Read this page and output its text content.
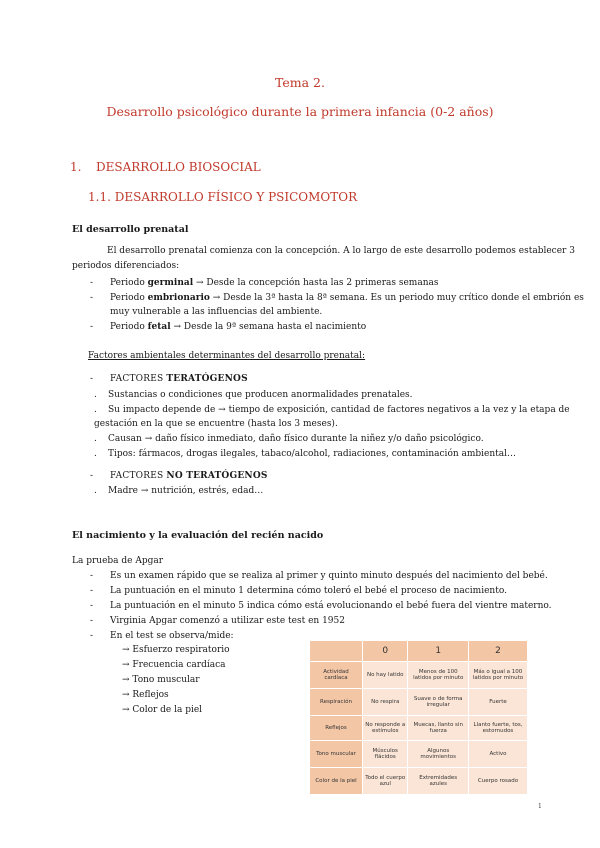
Tema 2.
Desarrollo psicológico durante la primera infancia (0-2 años)
1. DESARROLLO BIOSOCIAL
1.1. DESARROLLO FÍSICO Y PSICOMOTOR
El desarrollo prenatal
El desarrollo prenatal comienza con la concepción. A lo largo de este desarrollo podemos establecer 3
periodos diferenciados:
- Periodo germinal → Desde la concepción hasta las 2 primeras semanas
- Periodo embrionario → Desde la 3ª hasta la 8ª semana. Es un periodo muy crítico donde el embrión es
muy vulnerable a las influencias del ambiente.
- Periodo fetal → Desde la 9ª semana hasta el nacimiento
Factores ambientales determinantes del desarrollo prenatal:
- FACTORES TERATÓGENOS
. Sustancias o condiciones que producen anormalidades prenatales.
. Su impacto depende de → tiempo de exposición, cantidad de factores negativos a la vez y la etapa de
gestación en la que se encuentre (hasta los 3 meses).
. Causan → daño físico inmediato, daño físico durante la niñez y/o daño psicológico.
. Tipos: fármacos, drogas ilegales, tabaco/alcohol, radiaciones, contaminación ambiental…
- FACTORES NO TERATÓGENOS
. Madre → nutrición, estrés, edad…
El nacimiento y la evaluación del recién nacido
La prueba de Apgar
- Es un examen rápido que se realiza al primer y quinto minuto después del nacimiento del bebé.
- La puntuación en el minuto 1 determina cómo toleró el bebé el proceso de nacimiento.
- La puntuación en el minuto 5 indica cómo está evolucionando el bebé fuera del vientre materno.
- Virginia Apgar comenzó a utilizar este test en 1952
- En el test se observa/mide:
→ Esfuerzo respiratorio
→ Frecuencia cardíaca
→ Tono muscular
→ Reflejos
→ Color de la piel
	0	1	2
Actividad cardíaca	No hay latido	Menos de 100 latidos por minuto	Más o igual a 100 latidos por minuto
Respiración	No respira	Suave o de forma irregular	Fuerte
Reflejos	No responde a estímulos	Muecas, llanto sin fuerza	Llanto fuerte, tos, estornudos
Tono muscular	Músculos flácidos	Algunos movimientos	Activo
Color de la piel	Todo el cuerpo azul	Extremidades azules	Cuerpo rosado
1
